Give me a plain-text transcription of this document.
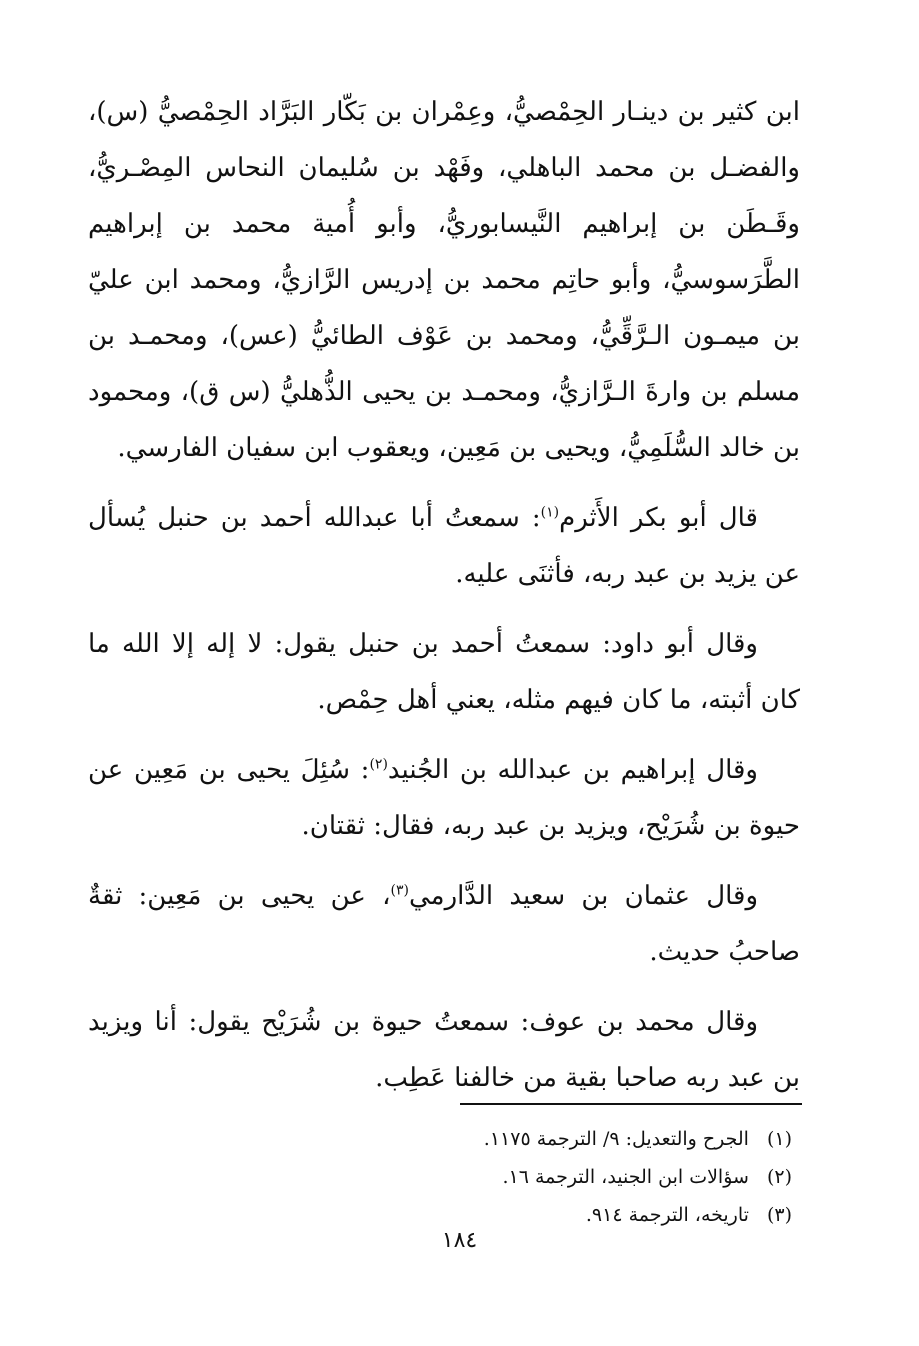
ابن كثير بن دينـار الحِمْصيُّ، وعِمْران بن بَكّار البَرَّاد الحِمْصيُّ (س)، والفضـل بن محمد الباهلي، وفَهْد بن سُليمان النحاس المِصْـريُّ، وقَـطَن بن إبراهيم النَّيسابوريُّ، وأبو أُمية محمد بن إبراهيم الطَّرَسوسيُّ، وأبو حاتِم محمد بن إدريس الرَّازيُّ، ومحمد ابن عليّ بن ميمـون الـرَّقِّيُّ، ومحمد بن عَوْف الطائيُّ (عس)، ومحمـد بن مسلم بن وارةَ الـرَّازيُّ، ومحمـد بن يحيى الذُّهليُّ (س ق)، ومحمود بن خالد السُّلَمِيُّ، ويحيى بن مَعِين، ويعقوب ابن سفيان الفارسي.

قال أبو بكر الأَثرم$^{(١)}$: سمعتُ أبا عبدالله أحمد بن حنبل يُسأل عن يزيد بن عبد ربه، فأثنَى عليه.

وقال أبو داود: سمعتُ أحمد بن حنبل يقول: لا إله إلا الله ما كان أثبته، ما كان فيهم مثله، يعني أهل حِمْص.

وقال إبراهيم بن عبدالله بن الجُنيد$^{(٢)}$: سُئِلَ يحيى بن مَعِين عن حيوة بن شُرَيْح، ويزيد بن عبد ربه، فقال: ثقتان.

وقال عثمان بن سعيد الدَّارمي$^{(٣)}$، عن يحيى بن مَعِين: ثقةٌ صاحبُ حديث.

وقال محمد بن عوف: سمعتُ حيوة بن شُرَيْح يقول: أنا ويزيد بن عبد ربه صاحبا بقية من خالفنا عَطِب.

(١)الجرح والتعديل: ٩/ الترجمة ١١٧٥.
(٢)سؤالات ابن الجنيد، الترجمة ١٦.
(٣)تاريخه، الترجمة ٩١٤.
١٨٤
